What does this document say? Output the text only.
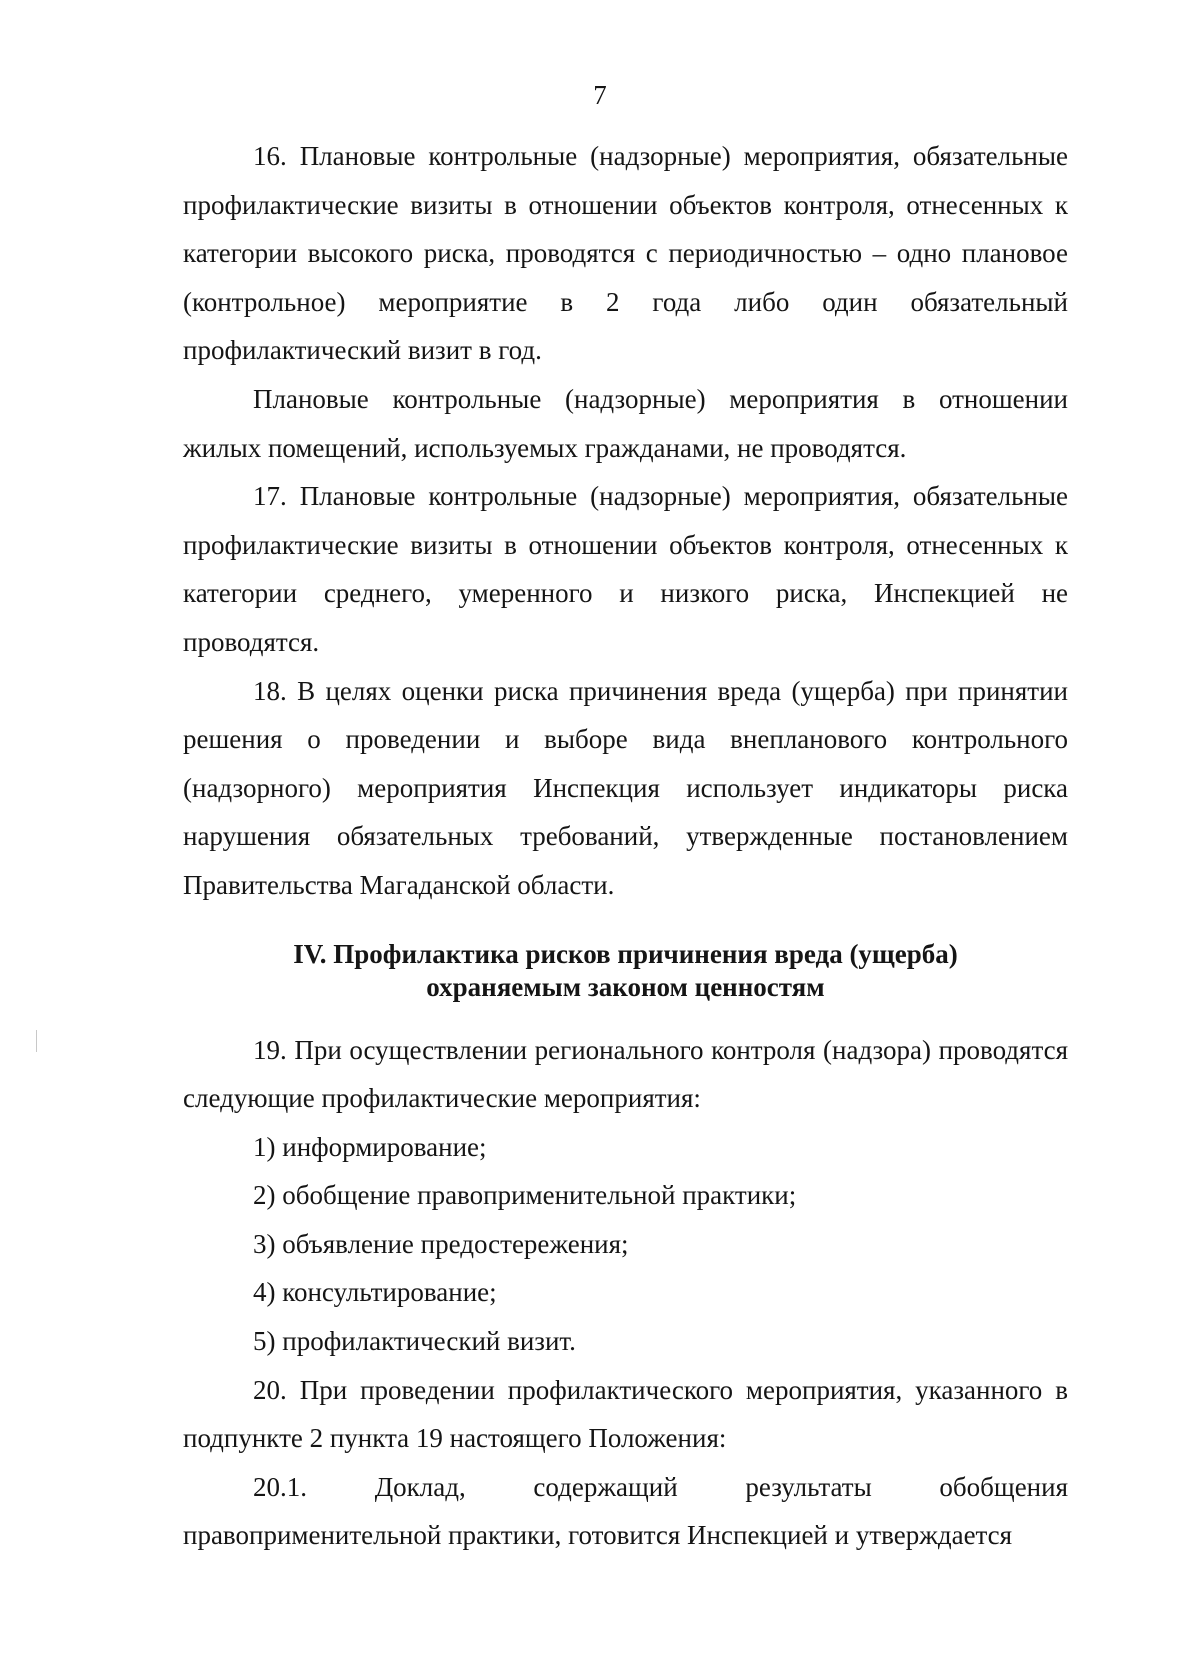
7

16. Плановые контрольные (надзорные) мероприятия, обязательные профилактические визиты в отношении объектов контроля, отнесенных к категории высокого риска, проводятся с периодичностью – одно плановое (контрольное) мероприятие в 2 года либо один обязательный профилактический визит в год.

Плановые контрольные (надзорные) мероприятия в отношении жилых помещений, используемых гражданами, не проводятся.

17. Плановые контрольные (надзорные) мероприятия, обязательные профилактические визиты в отношении объектов контроля, отнесенных к категории среднего, умеренного и низкого риска, Инспекцией не проводятся.

18. В целях оценки риска причинения вреда (ущерба) при принятии решения о проведении и выборе вида внепланового контрольного (надзорного) мероприятия Инспекция использует индикаторы риска нарушения обязательных требований, утвержденные постановлением Правительства Магаданской области.

IV. Профилактика рисков причинения вреда (ущерба)
охраняемым законом ценностям

19. При осуществлении регионального контроля (надзора) проводятся следующие профилактические мероприятия:

1) информирование;

2) обобщение правоприменительной практики;

3) объявление предостережения;

4) консультирование;

5) профилактический визит.

20. При проведении профилактического мероприятия, указанного в подпункте 2 пункта 19 настоящего Положения:

20.1. Доклад, содержащий результаты обобщения правоприменительной практики, готовится Инспекцией и утверждается
